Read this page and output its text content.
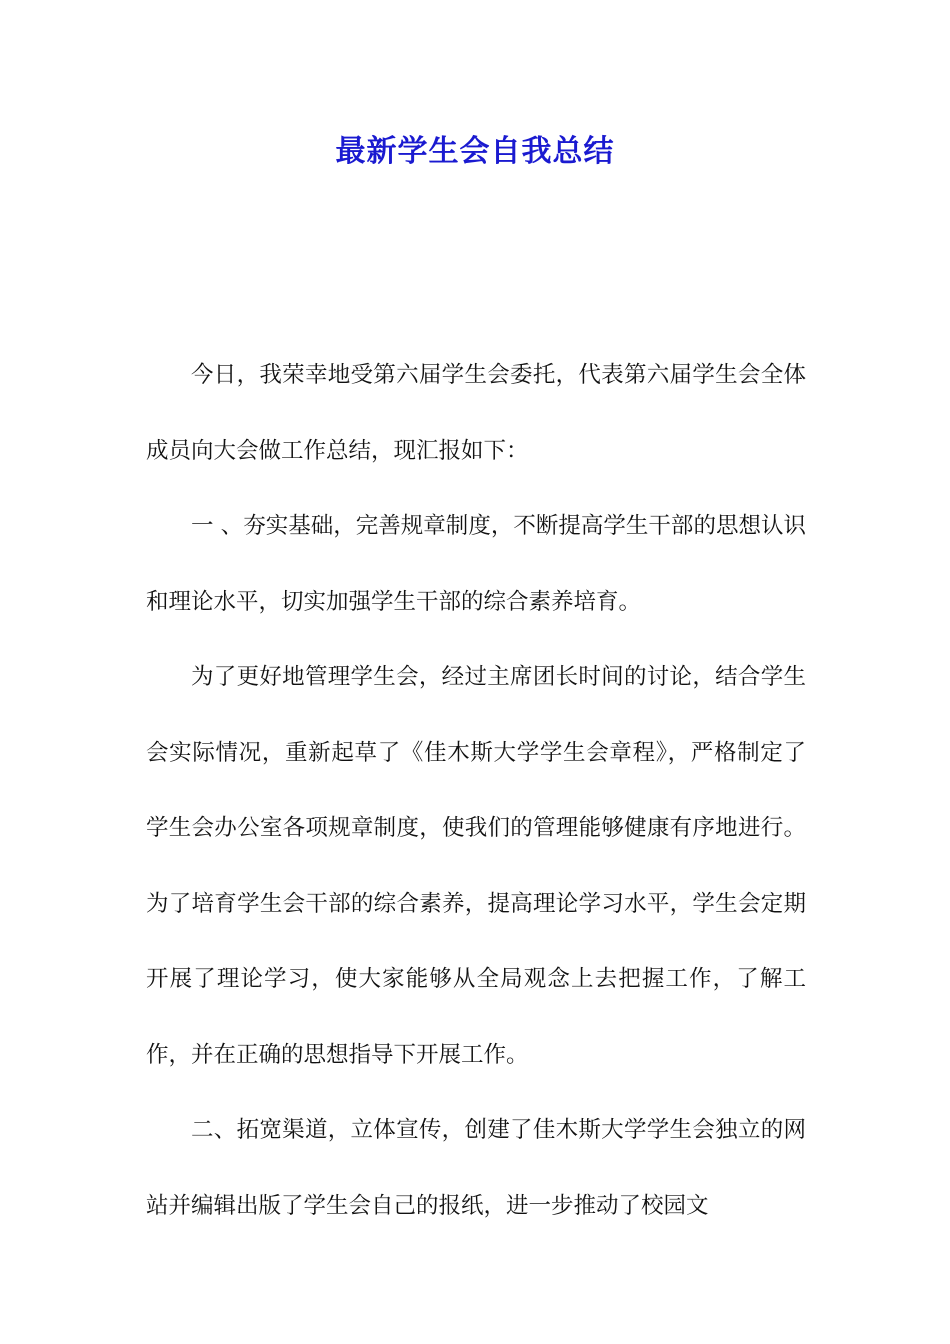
最新学生会自我总结

今日，我荣幸地受第六届学生会委托，代表第六届学生会全体成员向大会做工作总结，现汇报如下：

一 、夯实基础，完善规章制度，不断提高学生干部的思想认识和理论水平，切实加强学生干部的综合素养培育。

为了更好地管理学生会，经过主席团长时间的讨论，结合学生会实际情况，重新起草了《佳木斯大学学生会章程》，严格制定了学生会办公室各项规章制度，使我们的管理能够健康有序地进行。为了培育学生会干部的综合素养，提高理论学习水平，学生会定期开展了理论学习，使大家能够从全局观念上去把握工作，了解工作，并在正确的思想指导下开展工作。

二、拓宽渠道，立体宣传，创建了佳木斯大学学生会独立的网站并编辑出版了学生会自己的报纸，进一步推动了校园文
